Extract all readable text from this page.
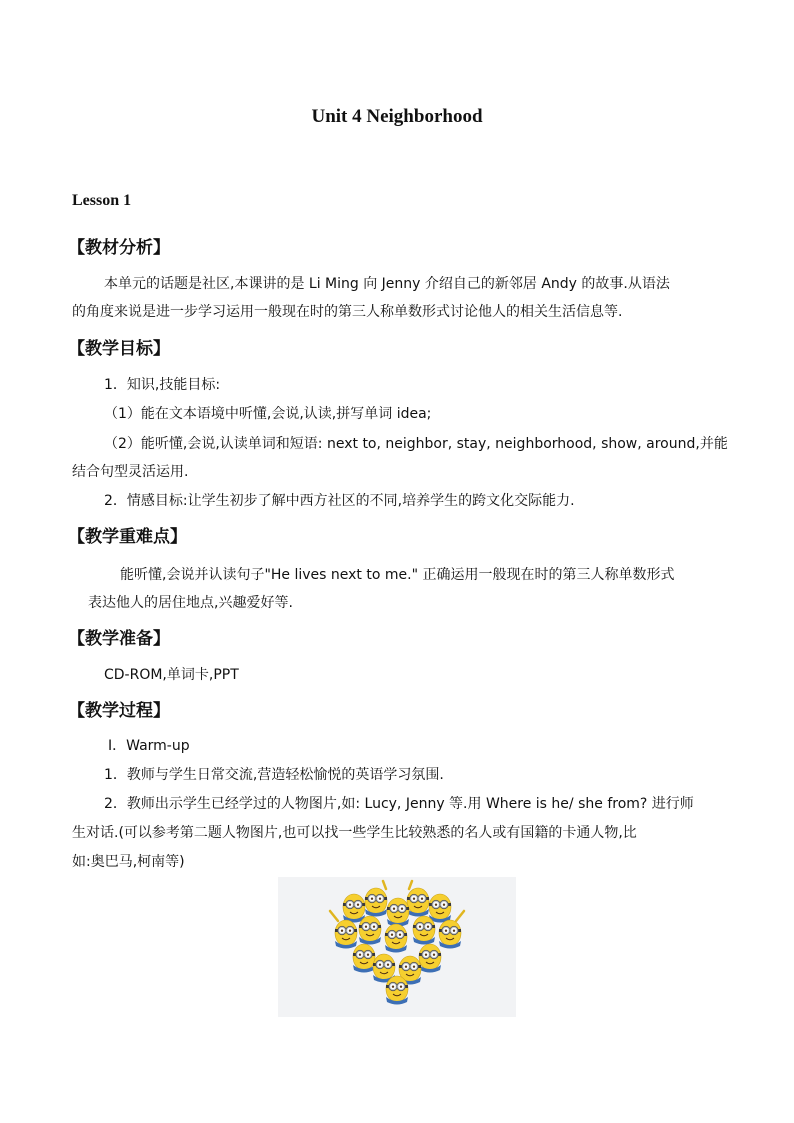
Unit 4 Neighborhood
Lesson 1
【教材分析】
本单元的话题是社区,本课讲的是 Li Ming 向 Jenny 介绍自己的新邻居 Andy 的故事.从语法
的角度来说是进一步学习运用一般现在时的第三人称单数形式讨论他人的相关生活信息等.
【教学目标】
1．知识,技能目标:
（1）能在文本语境中听懂,会说,认读,拼写单词 idea;
（2）能听懂,会说,认读单词和短语: next to, neighbor, stay, neighborhood, show, around,并能
结合句型灵活运用.
2．情感目标:让学生初步了解中西方社区的不同,培养学生的跨文化交际能力.
【教学重难点】
能听懂,会说并认读句子"He lives next to me." 正确运用一般现在时的第三人称单数形式
表达他人的居住地点,兴趣爱好等.
【教学准备】
CD-ROM,单词卡,PPT
【教学过程】
Ⅰ．Warm-up
1．教师与学生日常交流,营造轻松愉悦的英语学习氛围.
2．教师出示学生已经学过的人物图片,如: Lucy, Jenny 等.用 Where is he/ she from? 进行师
生对话.(可以参考第二题人物图片,也可以找一些学生比较熟悉的名人或有国籍的卡通人物,比
如:奥巴马,柯南等)
